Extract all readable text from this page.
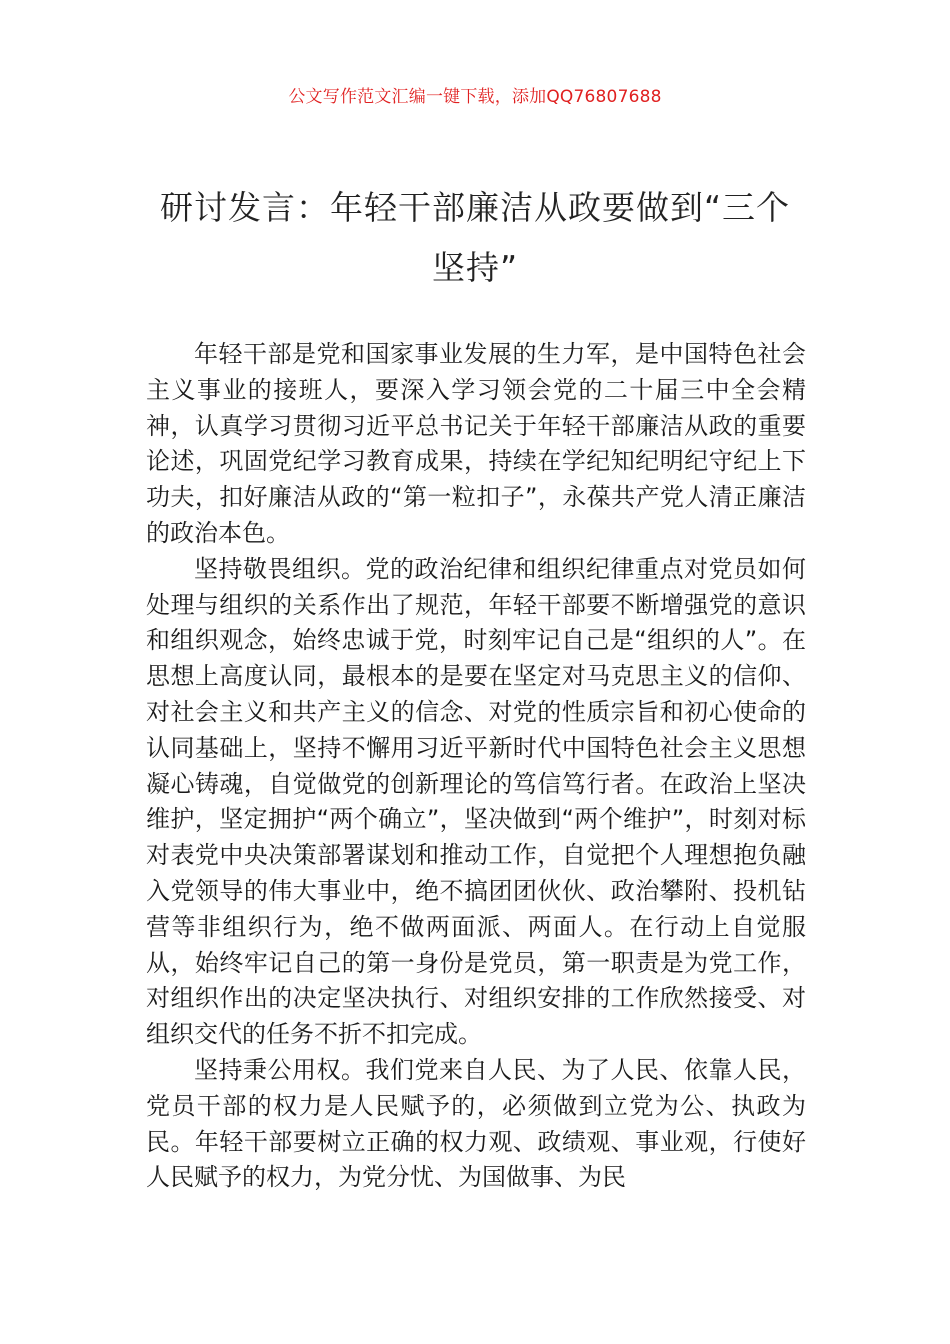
公文写作范文汇编一键下载，添加QQ76807688
研讨发言：年轻干部廉洁从政要做到“三个坚持”

年轻干部是党和国家事业发展的生力军，是中国特色社会主义事业的接班人，要深入学习领会党的二十届三中全会精神，认真学习贯彻习近平总书记关于年轻干部廉洁从政的重要论述，巩固党纪学习教育成果，持续在学纪知纪明纪守纪上下功夫，扣好廉洁从政的“第一粒扣子”，永葆共产党人清正廉洁的政治本色。

坚持敬畏组织。党的政治纪律和组织纪律重点对党员如何处理与组织的关系作出了规范，年轻干部要不断增强党的意识和组织观念，始终忠诚于党，时刻牢记自己是“组织的人”。在思想上高度认同，最根本的是要在坚定对马克思主义的信仰、对社会主义和共产主义的信念、对党的性质宗旨和初心使命的认同基础上，坚持不懈用习近平新时代中国特色社会主义思想凝心铸魂，自觉做党的创新理论的笃信笃行者。在政治上坚决维护，坚定拥护“两个确立”，坚决做到“两个维护”，时刻对标对表党中央决策部署谋划和推动工作，自觉把个人理想抱负融入党领导的伟大事业中，绝不搞团团伙伙、政治攀附、投机钻营等非组织行为，绝不做两面派、两面人。在行动上自觉服从，始终牢记自己的第一身份是党员，第一职责是为党工作，对组织作出的决定坚决执行、对组织安排的工作欣然接受、对组织交代的任务不折不扣完成。

坚持秉公用权。我们党来自人民、为了人民、依靠人民，党员干部的权力是人民赋予的，必须做到立党为公、执政为民。年轻干部要树立正确的权力观、政绩观、事业观，行使好人民赋予的权力，为党分忧、为国做事、为民
